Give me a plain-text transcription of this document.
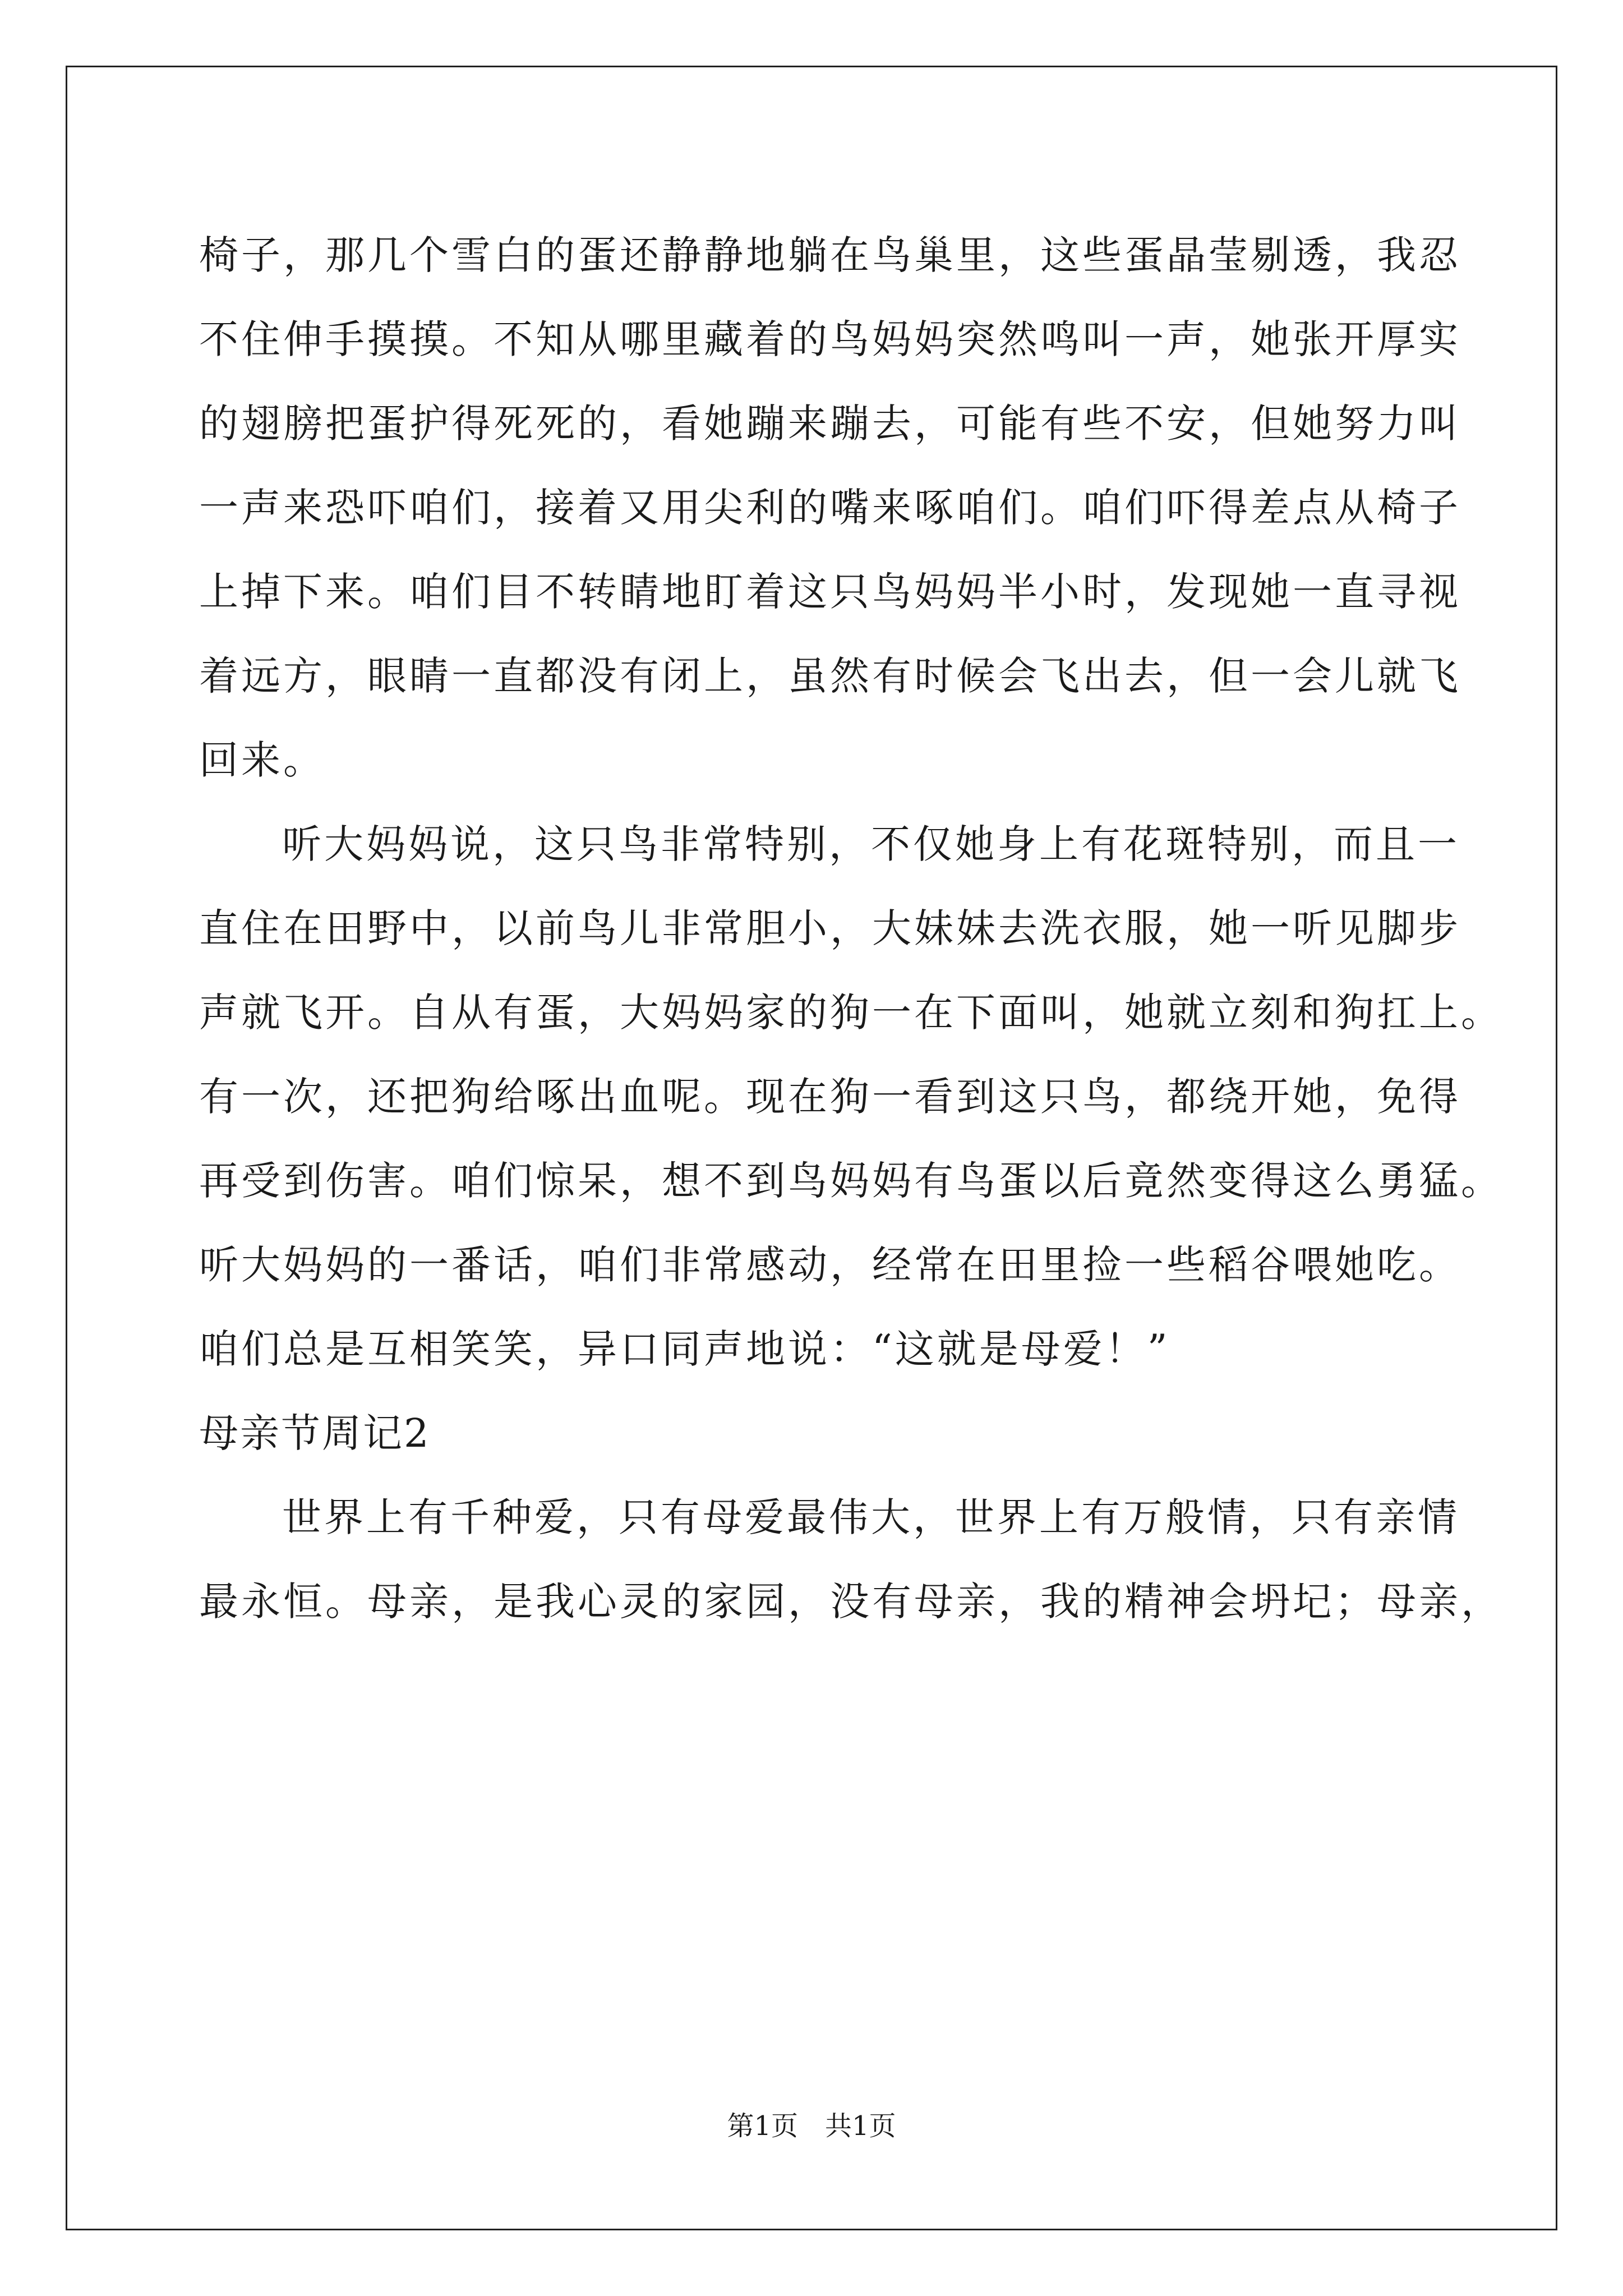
椅子，那几个雪白的蛋还静静地躺在鸟巢里，这些蛋晶莹剔透，我忍
不住伸手摸摸。不知从哪里藏着的鸟妈妈突然鸣叫一声，她张开厚实
的翅膀把蛋护得死死的，看她蹦来蹦去，可能有些不安，但她努力叫
一声来恐吓咱们，接着又用尖利的嘴来啄咱们。咱们吓得差点从椅子
上掉下来。咱们目不转睛地盯着这只鸟妈妈半小时，发现她一直寻视
着远方，眼睛一直都没有闭上，虽然有时候会飞出去，但一会儿就飞
回来。
听大妈妈说，这只鸟非常特别，不仅她身上有花斑特别，而且一
直住在田野中，以前鸟儿非常胆小，大妹妹去洗衣服，她一听见脚步
声就飞开。自从有蛋，大妈妈家的狗一在下面叫，她就立刻和狗扛上。
有一次，还把狗给啄出血呢。现在狗一看到这只鸟，都绕开她，免得
再受到伤害。咱们惊呆，想不到鸟妈妈有鸟蛋以后竟然变得这么勇猛。
听大妈妈的一番话，咱们非常感动，经常在田里捡一些稻谷喂她吃。
咱们总是互相笑笑，异口同声地说：“这就是母爱！”
母亲节周记2
世界上有千种爱，只有母爱最伟大，世界上有万般情，只有亲情
最永恒。母亲，是我心灵的家园，没有母亲，我的精神会坍圮；母亲，
第1页　共1页
